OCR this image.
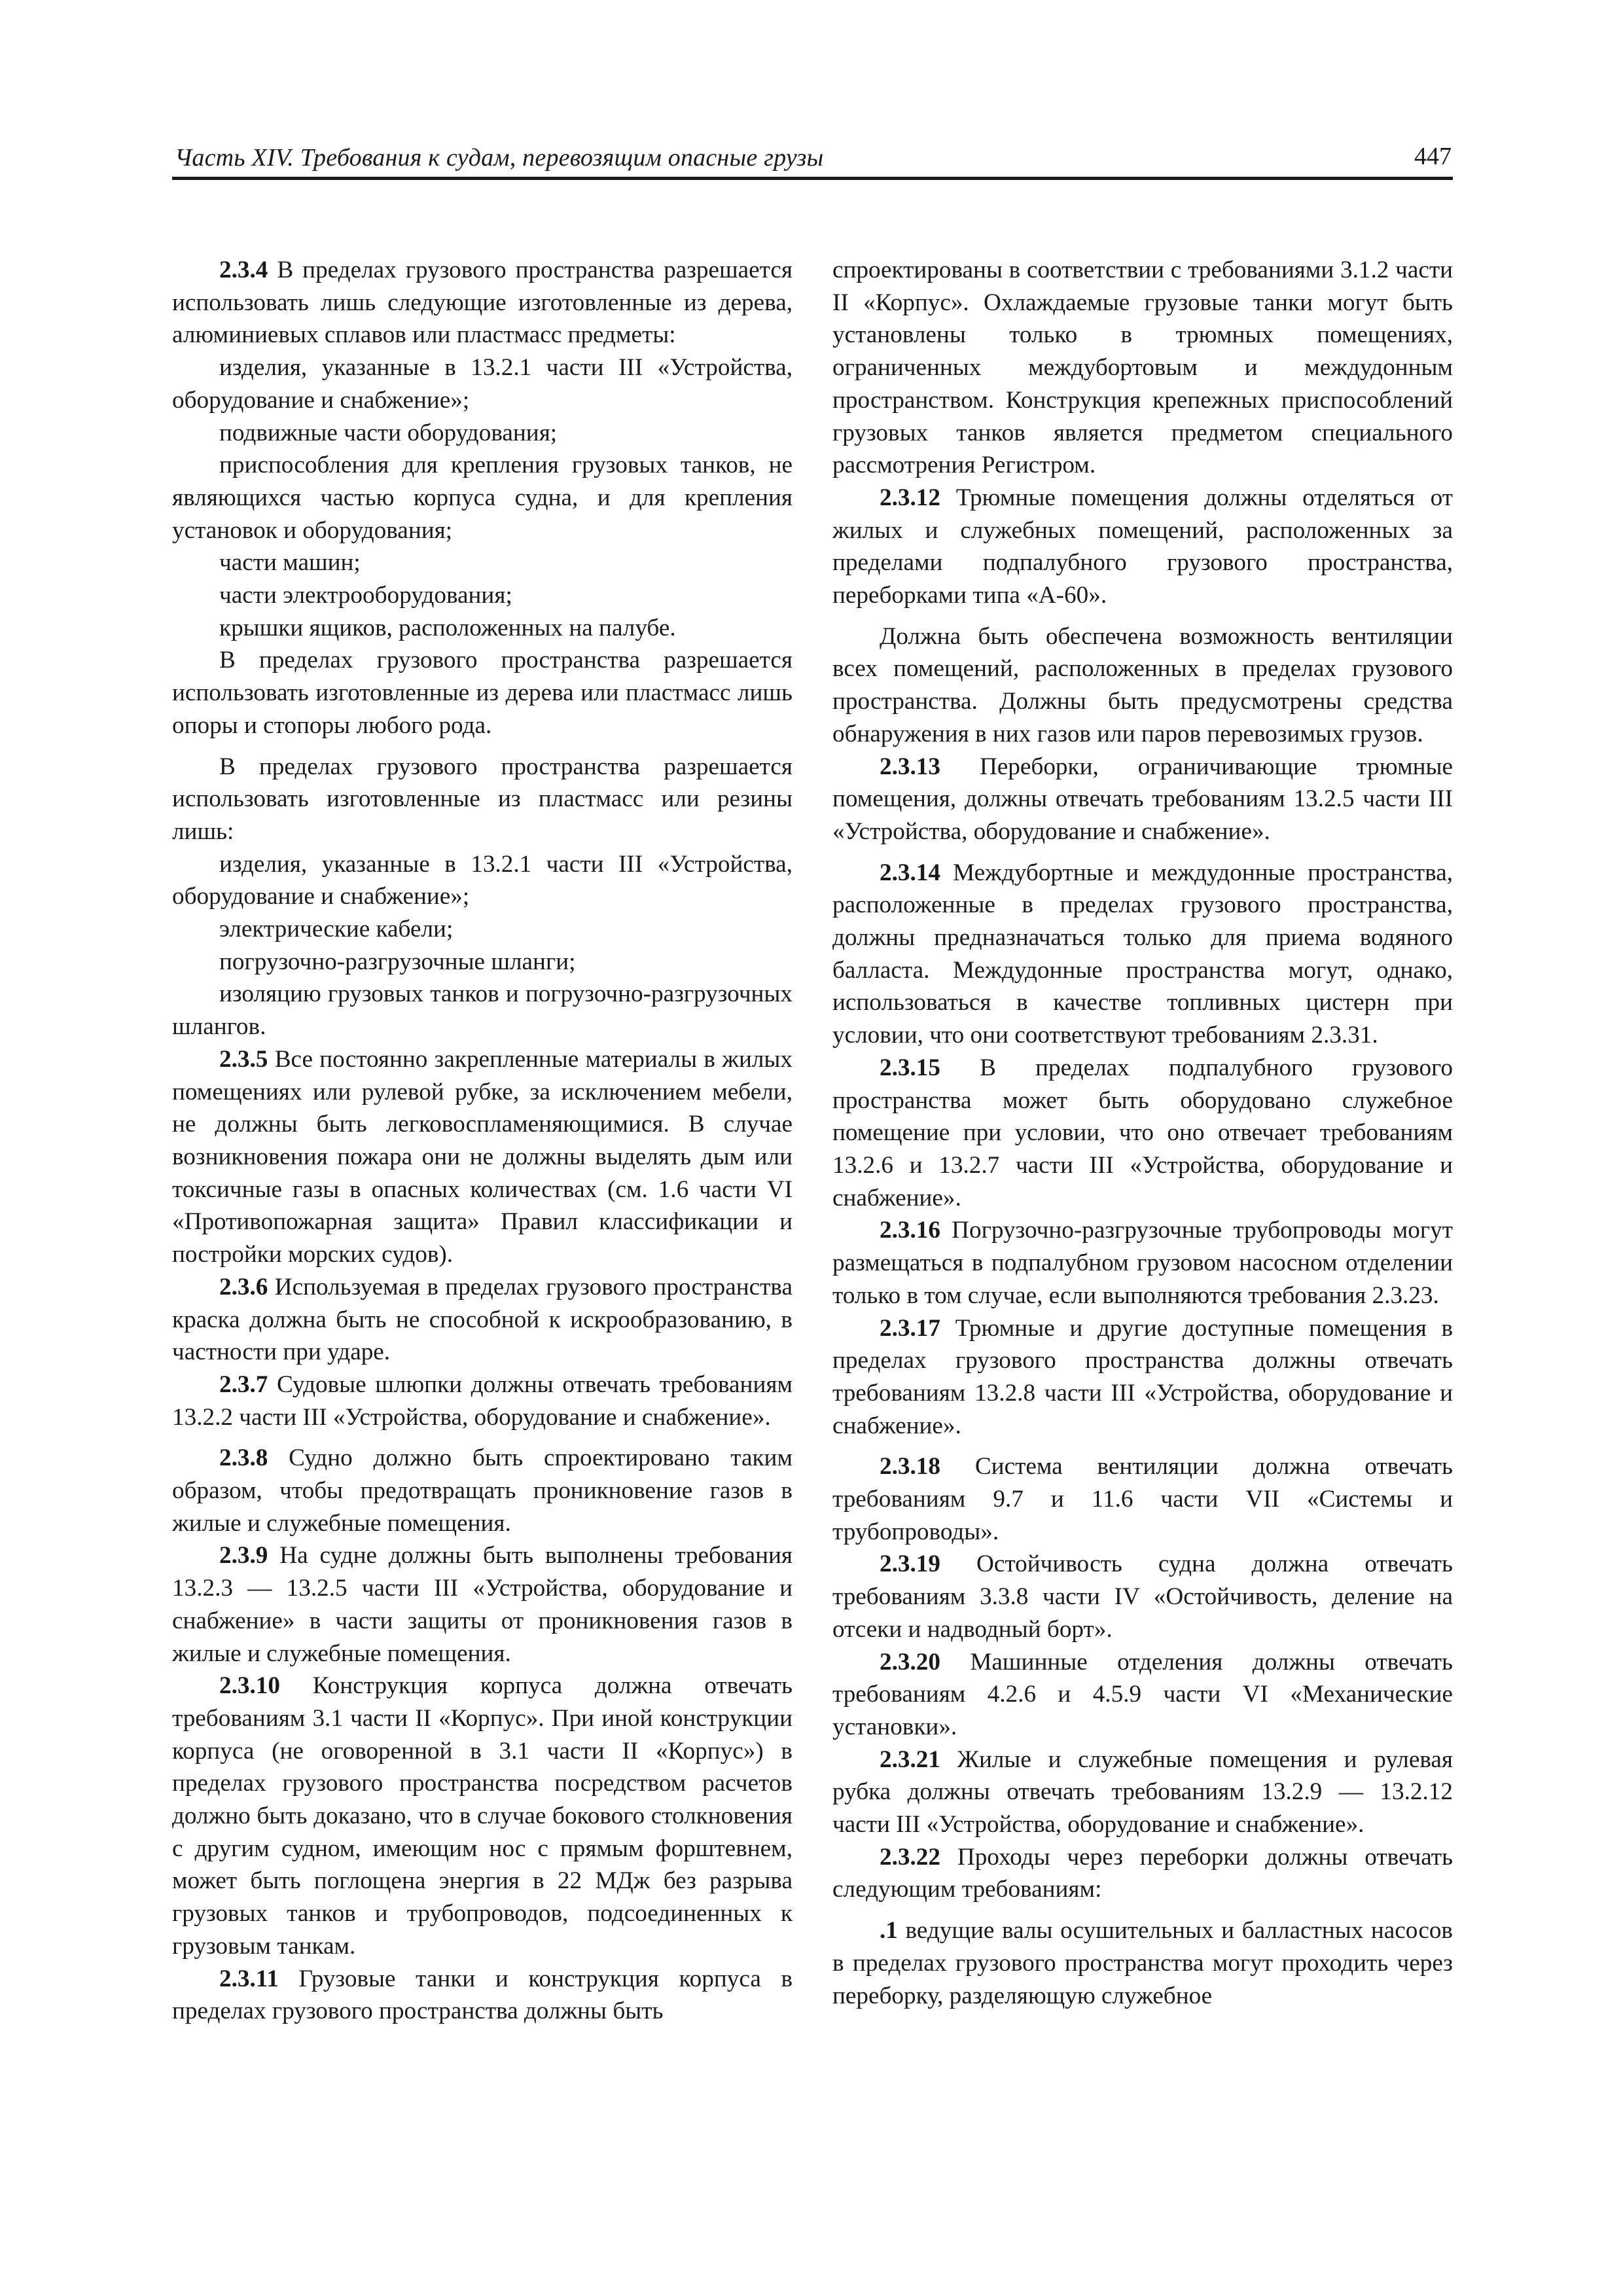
Часть XIV. Требования к судам, перевозящим опасные грузы	447

2.3.4 В пределах грузового пространства разрешается использовать лишь следующие изготовленные из дерева, алюминиевых сплавов или пластмасс предметы:

изделия, указанные в 13.2.1 части III «Устройства, оборудование и снабжение»;

подвижные части оборудования;

приспособления для крепления грузовых танков, не являющихся частью корпуса судна, и для крепления установок и оборудования;

части машин;

части электрооборудования;

крышки ящиков, расположенных на палубе.

В пределах грузового пространства разрешается использовать изготовленные из дерева или пластмасс лишь опоры и стопоры любого рода.

В пределах грузового пространства разрешается использовать изготовленные из пластмасс или резины лишь:

изделия, указанные в 13.2.1 части III «Устройства, оборудование и снабжение»;

электрические кабели;

погрузочно-разгрузочные шланги;

изоляцию грузовых танков и погрузочно-разгрузочных шлангов.

2.3.5 Все постоянно закрепленные материалы в жилых помещениях или рулевой рубке, за исключением мебели, не должны быть легковоспламеняющимися. В случае возникновения пожара они не должны выделять дым или токсичные газы в опасных количествах (см. 1.6 части VI «Противопожарная защита» Правил классификации и постройки морских судов).

2.3.6 Используемая в пределах грузового пространства краска должна быть не способной к искрообразованию, в частности при ударе.

2.3.7 Судовые шлюпки должны отвечать требованиям 13.2.2 части III «Устройства, оборудование и снабжение».

2.3.8 Судно должно быть спроектировано таким образом, чтобы предотвращать проникновение газов в жилые и служебные помещения.

2.3.9 На судне должны быть выполнены требования 13.2.3 — 13.2.5 части III «Устройства, оборудование и снабжение» в части защиты от проникновения газов в жилые и служебные помещения.

2.3.10 Конструкция корпуса должна отвечать требованиям 3.1 части II «Корпус». При иной конструкции корпуса (не оговоренной в 3.1 части II «Корпус») в пределах грузового пространства посредством расчетов должно быть доказано, что в случае бокового столкновения с другим судном, имеющим нос с прямым форштевнем, может быть поглощена энергия в 22 МДж без разрыва грузовых танков и трубопроводов, подсоединенных к грузовым танкам.

2.3.11 Грузовые танки и конструкция корпуса в пределах грузового пространства должны быть

спроектированы в соответствии с требованиями 3.1.2 части II «Корпус». Охлаждаемые грузовые танки могут быть установлены только в трюмных помещениях, ограниченных междубортовым и междудонным пространством. Конструкция крепежных приспособлений грузовых танков является предметом специального рассмотрения Регистром.

2.3.12 Трюмные помещения должны отделяться от жилых и служебных помещений, расположенных за пределами подпалубного грузового пространства, переборками типа «А-60».

Должна быть обеспечена возможность вентиляции всех помещений, расположенных в пределах грузового пространства. Должны быть предусмотрены средства обнаружения в них газов или паров перевозимых грузов.

2.3.13 Переборки, ограничивающие трюмные помещения, должны отвечать требованиям 13.2.5 части III «Устройства, оборудование и снабжение».

2.3.14 Междубортные и междудонные пространства, расположенные в пределах грузового пространства, должны предназначаться только для приема водяного балласта. Междудонные пространства могут, однако, использоваться в качестве топливных цистерн при условии, что они соответствуют требованиям 2.3.31.

2.3.15 В пределах подпалубного грузового пространства может быть оборудовано служебное помещение при условии, что оно отвечает требованиям 13.2.6 и 13.2.7 части III «Устройства, оборудование и снабжение».

2.3.16 Погрузочно-разгрузочные трубопроводы могут размещаться в подпалубном грузовом насосном отделении только в том случае, если выполняются требования 2.3.23.

2.3.17 Трюмные и другие доступные помещения в пределах грузового пространства должны отвечать требованиям 13.2.8 части III «Устройства, оборудование и снабжение».

2.3.18 Система вентиляции должна отвечать требованиям 9.7 и 11.6 части VII «Системы и трубопроводы».

2.3.19 Остойчивость судна должна отвечать требованиям 3.3.8 части IV «Остойчивость, деление на отсеки и надводный борт».

2.3.20 Машинные отделения должны отвечать требованиям 4.2.6 и 4.5.9 части VI «Механические установки».

2.3.21 Жилые и служебные помещения и рулевая рубка должны отвечать требованиям 13.2.9 — 13.2.12 части III «Устройства, оборудование и снабжение».

2.3.22 Проходы через переборки должны отвечать следующим требованиям:

.1 ведущие валы осушительных и балластных насосов в пределах грузового пространства могут проходить через переборку, разделяющую служебное
